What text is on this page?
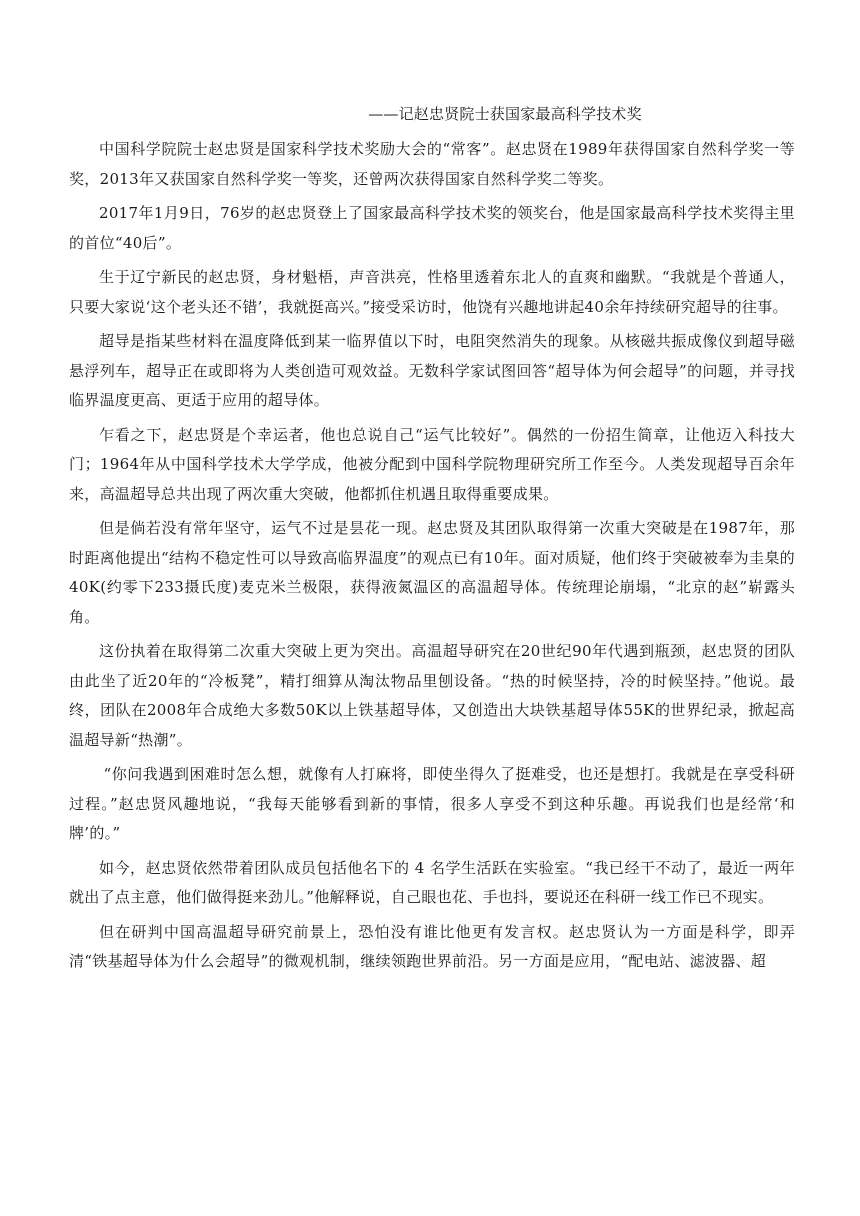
——记赵忠贤院士获国家最高科学技术奖

中国科学院院士赵忠贤是国家科学技术奖励大会的“常客”。赵忠贤在1989年获得国家自然科学奖一等奖，2013年又获国家自然科学奖一等奖，还曾两次获得国家自然科学奖二等奖。

2017年1月9日，76岁的赵忠贤登上了国家最高科学技术奖的领奖台，他是国家最高科学技术奖得主里的首位“40后”。

生于辽宁新民的赵忠贤，身材魁梧，声音洪亮，性格里透着东北人的直爽和幽默。“我就是个普通人，只要大家说‘这个老头还不错’，我就挺高兴。”接受采访时，他饶有兴趣地讲起40余年持续研究超导的往事。

超导是指某些材料在温度降低到某一临界值以下时，电阻突然消失的现象。从核磁共振成像仪到超导磁悬浮列车，超导正在或即将为人类创造可观效益。无数科学家试图回答“超导体为何会超导”的问题，并寻找临界温度更高、更适于应用的超导体。

乍看之下，赵忠贤是个幸运者，他也总说自己“运气比较好”。偶然的一份招生简章，让他迈入科技大门；1964年从中国科学技术大学学成，他被分配到中国科学院物理研究所工作至今。人类发现超导百余年来，高温超导总共出现了两次重大突破，他都抓住机遇且取得重要成果。

但是倘若没有常年坚守，运气不过是昙花一现。赵忠贤及其团队取得第一次重大突破是在1987年，那时距离他提出“结构不稳定性可以导致高临界温度”的观点已有10年。面对质疑，他们终于突破被奉为圭臬的40K(约零下233摄氏度)麦克米兰极限，获得液氮温区的高温超导体。传统理论崩塌，“北京的赵”崭露头角。

这份执着在取得第二次重大突破上更为突出。高温超导研究在20世纪90年代遇到瓶颈，赵忠贤的团队由此坐了近20年的“冷板凳”，精打细算从淘汰物品里刨设备。“热的时候坚持，冷的时候坚持。”他说。最终，团队在2008年合成绝大多数50K以上铁基超导体，又创造出大块铁基超导体55K的世界纪录，掀起高温超导新“热潮”。

“你问我遇到困难时怎么想，就像有人打麻将，即使坐得久了挺难受，也还是想打。我就是在享受科研过程。”赵忠贤风趣地说，“我每天能够看到新的事情，很多人享受不到这种乐趣。再说我们也是经常‘和牌’的。”

如今，赵忠贤依然带着团队成员包括他名下的 4 名学生活跃在实验室。“我已经干不动了，最近一两年就出了点主意，他们做得挺来劲儿。”他解释说，自己眼也花、手也抖，要说还在科研一线工作已不现实。

但在研判中国高温超导研究前景上，恐怕没有谁比他更有发言权。赵忠贤认为一方面是科学，即弄清“铁基超导体为什么会超导”的微观机制，继续领跑世界前沿。另一方面是应用，“配电站、滤波器、超
